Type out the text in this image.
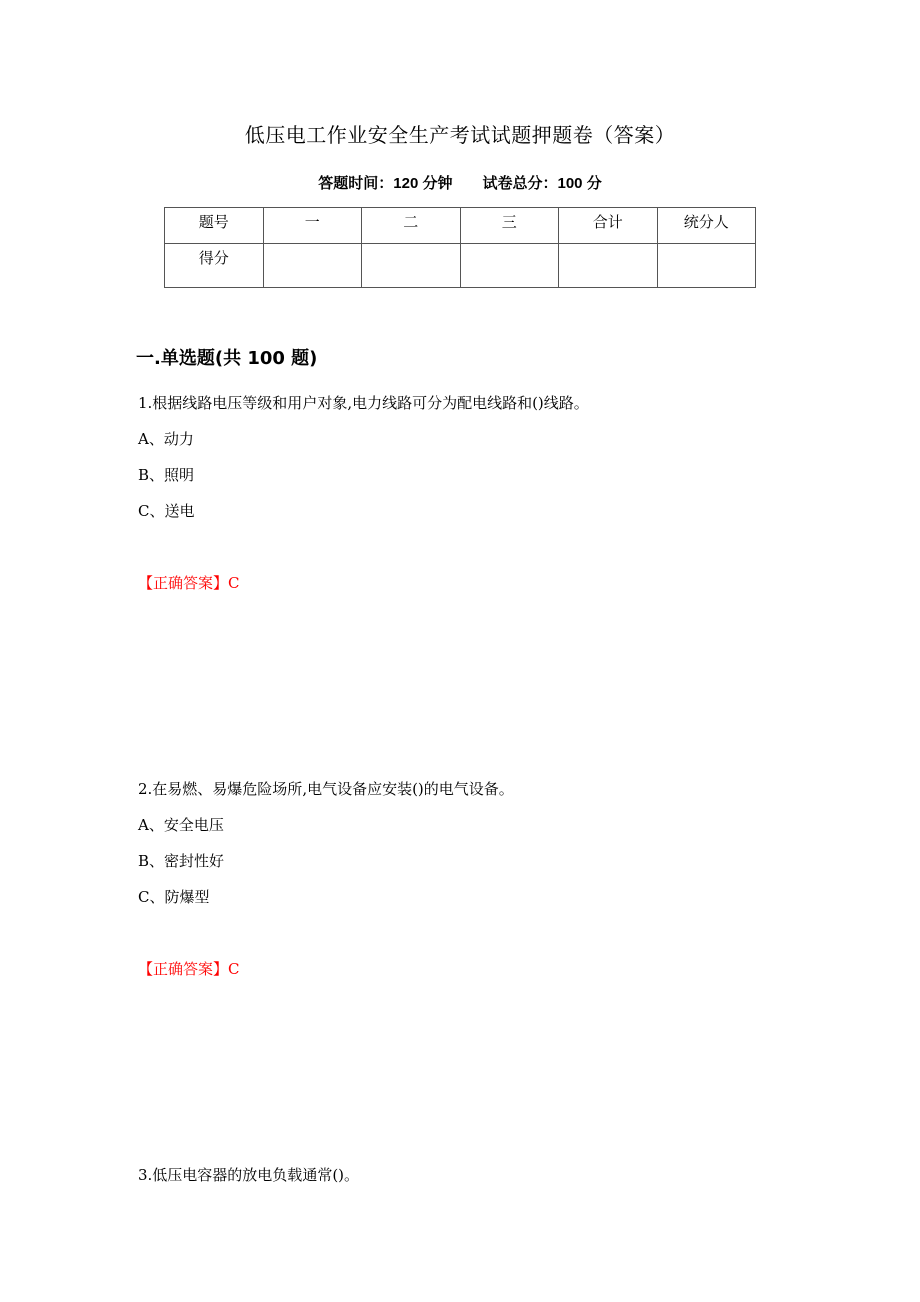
低压电工作业安全生产考试试题押题卷（答案）
答题时间：120 分钟 试卷总分：100 分
题号	一	二	三	合计	统分人
得分					
一.单选题(共 100 题)
1.根据线路电压等级和用户对象,电力线路可分为配电线路和()线路。
A、动力
B、照明
C、送电
【正确答案】C
2.在易燃、易爆危险场所,电气设备应安装()的电气设备。
A、安全电压
B、密封性好
C、防爆型
【正确答案】C
3.低压电容器的放电负载通常()。
